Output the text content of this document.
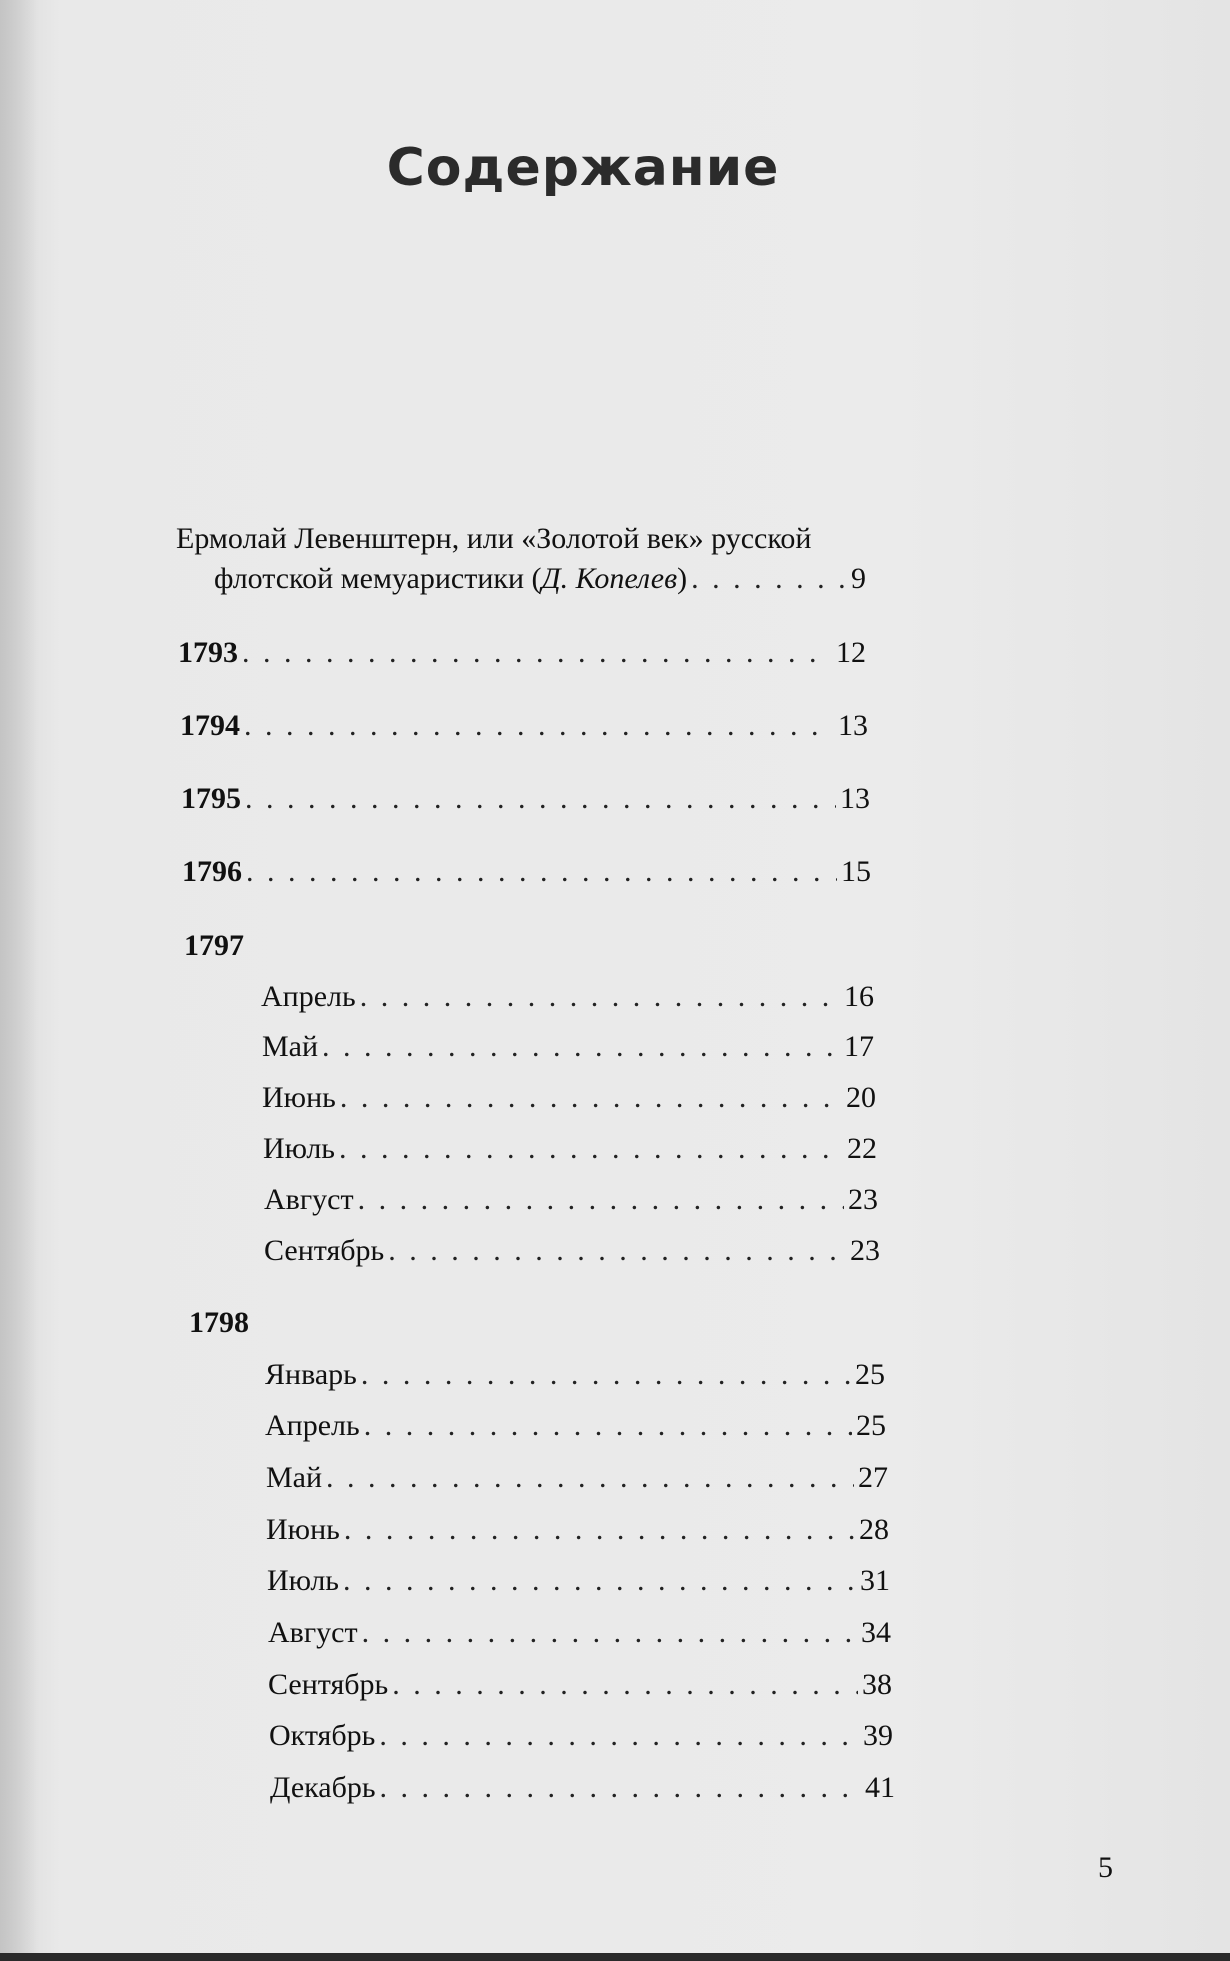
Содержание
Ермолай Левенштерн, или «Золотой век» русской
флотской мемуаристики (Д. Копелев) . . .	9
1793 . . .	12
1794 . . .	13
1795 . . .	13
1796 . . .	15
1797
Апрель . . .	16
Май . . .	17
Июнь . . .	20
Июль . . .	22
Август . . .	23
Сентябрь . . .	23
1798
Январь . . .	25
Апрель . . .	25
Май . . .	27
Июнь . . .	28
Июль . . .	31
Август . . .	34
Сентябрь . . .	38
Октябрь . . .	39
Декабрь . . .	41
5
